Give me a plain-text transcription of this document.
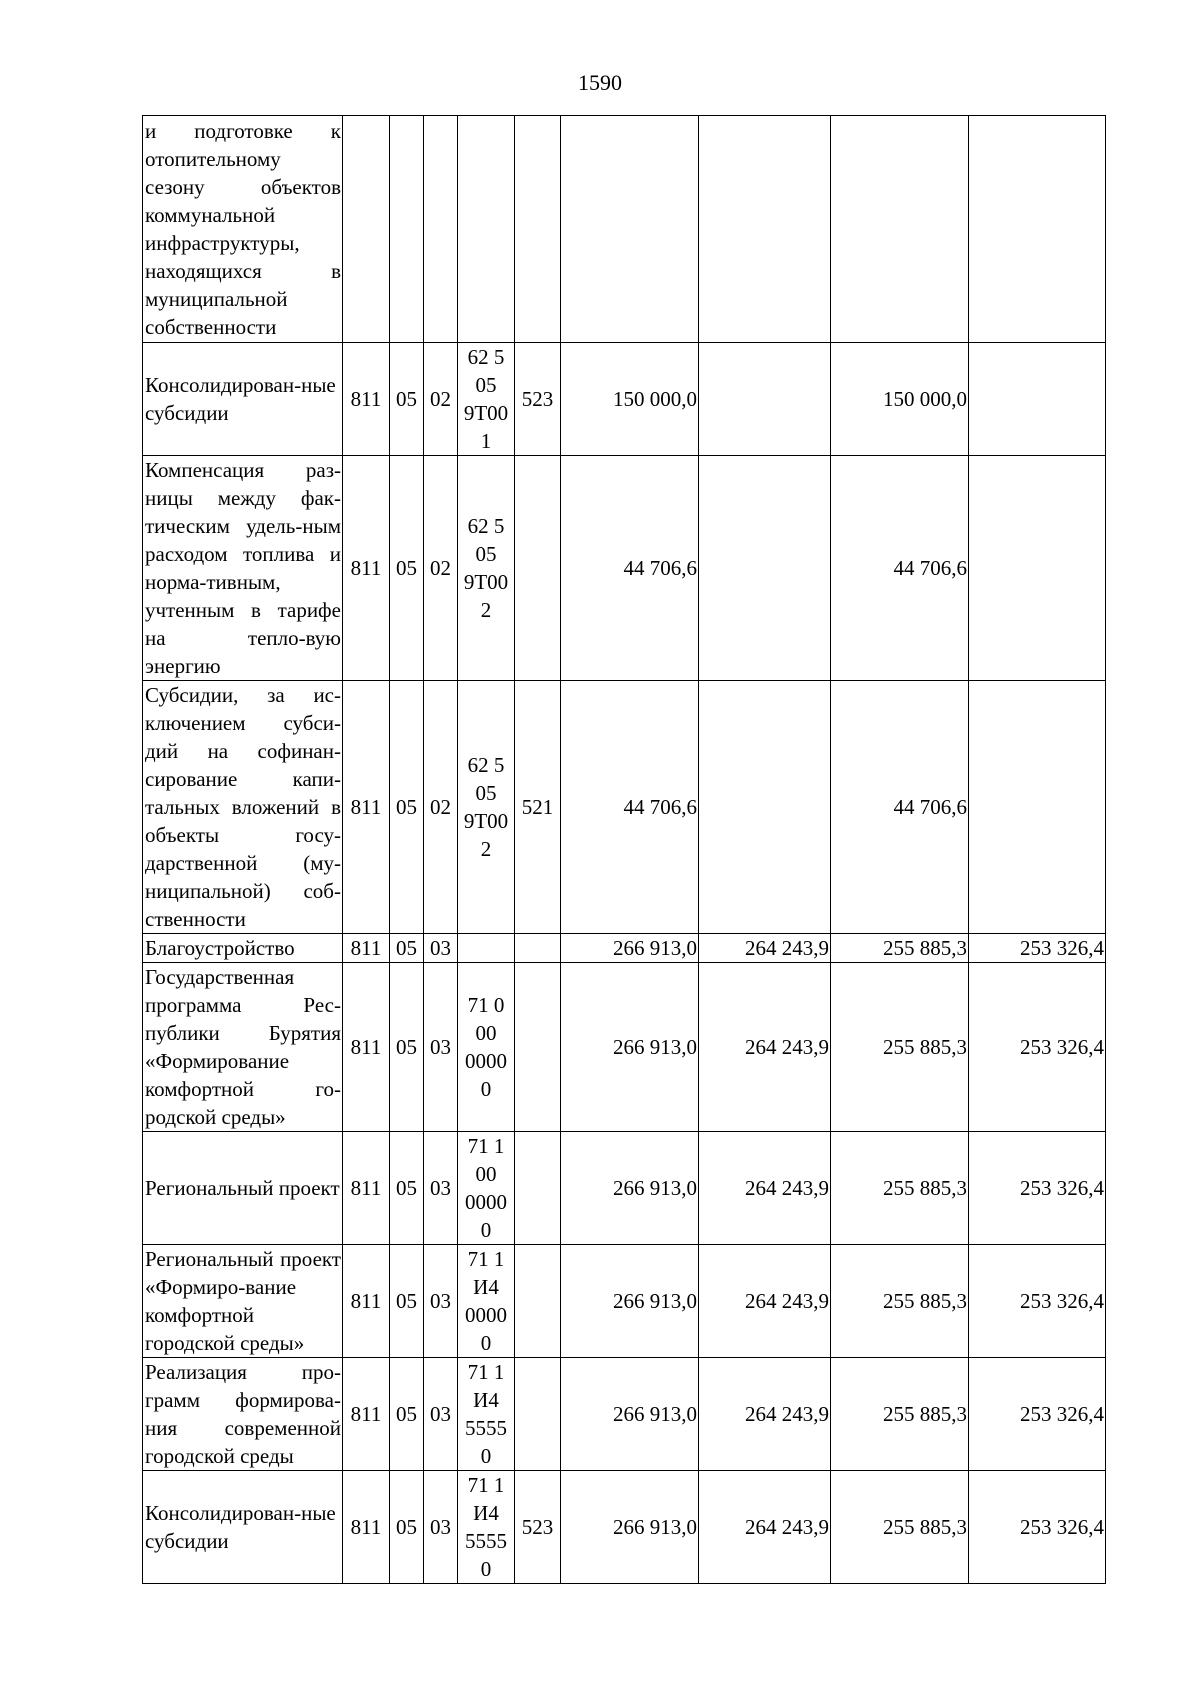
1590
и подготовке к отопительному сезону объектов коммунальной инфраструктуры, находящихся в муниципальной собственности									
Консолидирован-ные субсидии	811	05	02	62 5
05
9Т00
1	523	150 000,0		150 000,0	
Компенсация раз-ницы между фак-тическим удель-ным расходом топлива и норма-тивным, учтенным в тарифе на тепло-вую энергию	811	05	02	62 5
05
9Т00
2		44 706,6		44 706,6	
Субсидии, за ис-ключением субси-дий на софинан-сирование капи-тальных вложений в объекты госу-дарственной (му-ниципальной) соб-ственности	811	05	02	62 5
05
9Т00
2	521	44 706,6		44 706,6	
Благоустройство	811	05	03			266 913,0	264 243,9	255 885,3	253 326,4
Государственная программа Рес-публики Бурятия «Формирование комфортной го-родской среды»	811	05	03	71 0
00
0000
0		266 913,0	264 243,9	255 885,3	253 326,4
Региональный проект	811	05	03	71 1
00
0000
0		266 913,0	264 243,9	255 885,3	253 326,4
Региональный проект «Формиро-вание комфортной городской среды»	811	05	03	71 1
И4
0000
0		266 913,0	264 243,9	255 885,3	253 326,4
Реализация про-грамм формирова-ния современной городской среды	811	05	03	71 1
И4
5555
0		266 913,0	264 243,9	255 885,3	253 326,4
Консолидирован-ные субсидии	811	05	03	71 1
И4
5555
0	523	266 913,0	264 243,9	255 885,3	253 326,4
